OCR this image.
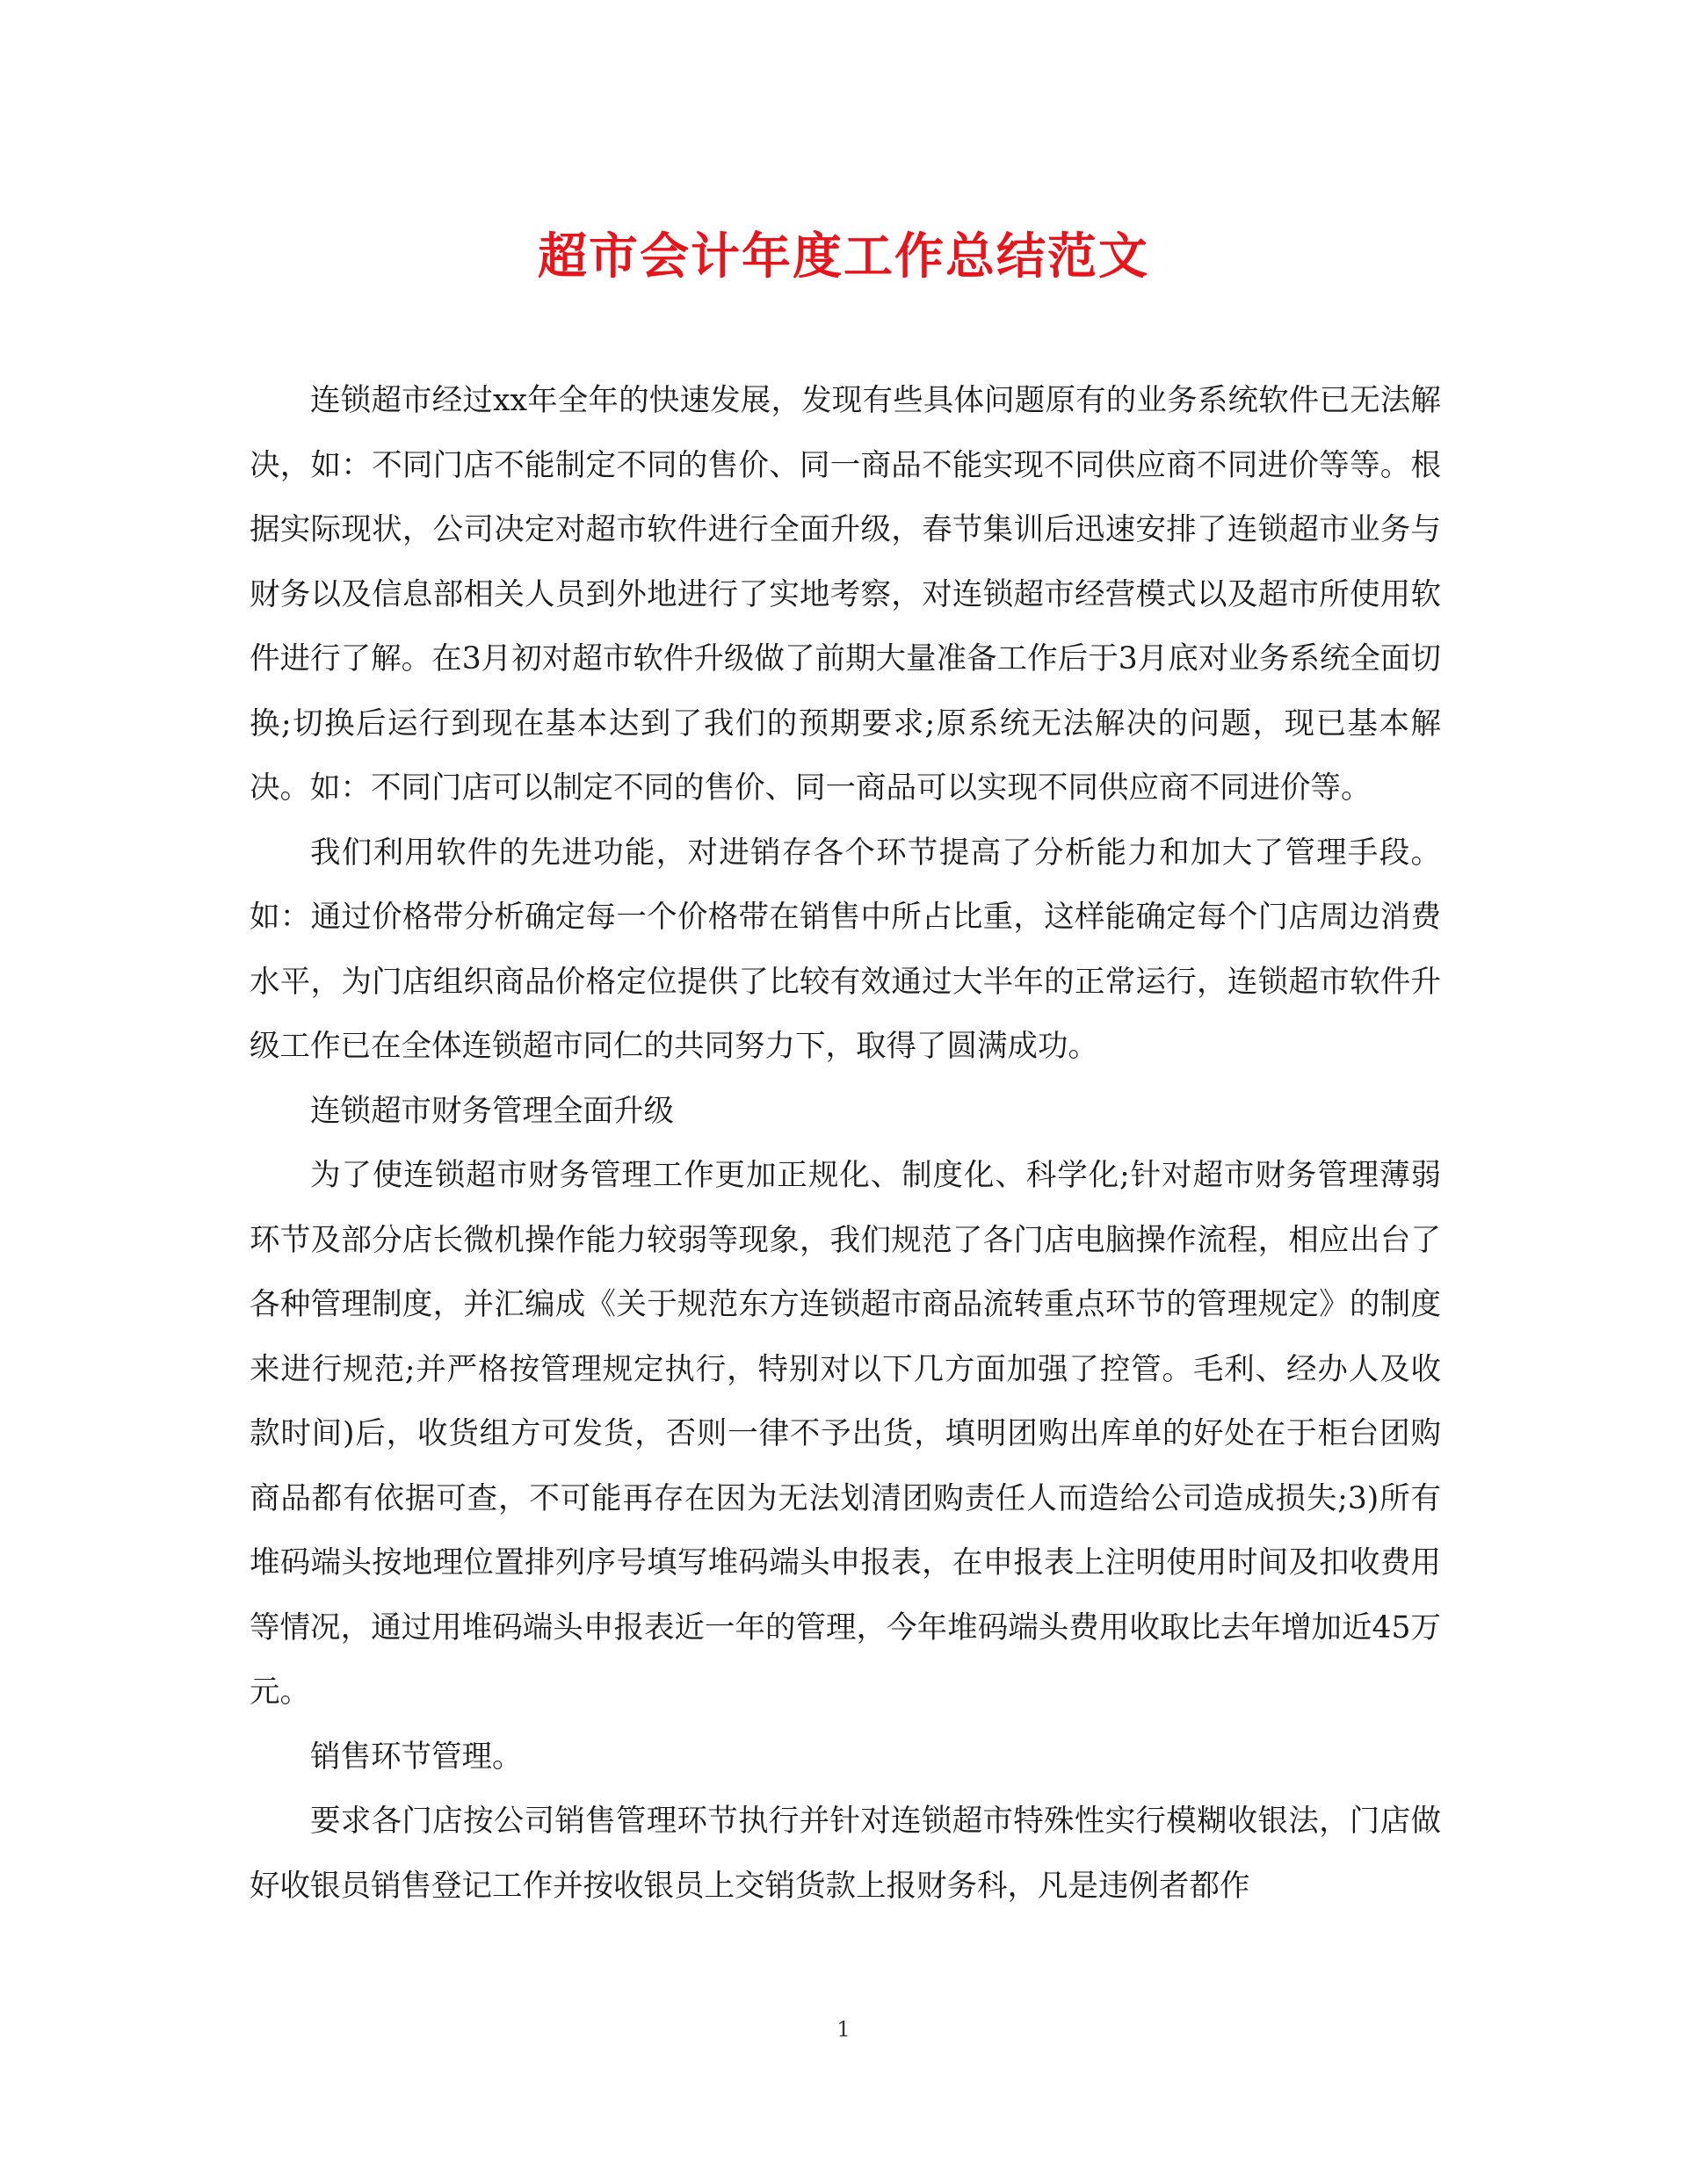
超市会计年度工作总结范文

连锁超市经过xx年全年的快速发展，发现有些具体问题原有的业务系统软件已无法解决，如：不同门店不能制定不同的售价、同一商品不能实现不同供应商不同进价等等。根据实际现状，公司决定对超市软件进行全面升级，春节集训后迅速安排了连锁超市业务与财务以及信息部相关人员到外地进行了实地考察，对连锁超市经营模式以及超市所使用软件进行了解。在3月初对超市软件升级做了前期大量准备工作后于3月底对业务系统全面切换;切换后运行到现在基本达到了我们的预期要求;原系统无法解决的问题，现已基本解决。如：不同门店可以制定不同的售价、同一商品可以实现不同供应商不同进价等。

我们利用软件的先进功能，对进销存各个环节提高了分析能力和加大了管理手段。如：通过价格带分析确定每一个价格带在销售中所占比重，这样能确定每个门店周边消费水平，为门店组织商品价格定位提供了比较有效通过大半年的正常运行，连锁超市软件升级工作已在全体连锁超市同仁的共同努力下，取得了圆满成功。

连锁超市财务管理全面升级

为了使连锁超市财务管理工作更加正规化、制度化、科学化;针对超市财务管理薄弱环节及部分店长微机操作能力较弱等现象，我们规范了各门店电脑操作流程，相应出台了各种管理制度，并汇编成《关于规范东方连锁超市商品流转重点环节的管理规定》的制度来进行规范;并严格按管理规定执行，特别对以下几方面加强了控管。毛利、经办人及收款时间)后，收货组方可发货，否则一律不予出货，填明团购出库单的好处在于柜台团购商品都有依据可查，不可能再存在因为无法划清团购责任人而造给公司造成损失;3)所有堆码端头按地理位置排列序号填写堆码端头申报表，在申报表上注明使用时间及扣收费用等情况，通过用堆码端头申报表近一年的管理，今年堆码端头费用收取比去年增加近45万元。

销售环节管理。

要求各门店按公司销售管理环节执行并针对连锁超市特殊性实行模糊收银法，门店做好收银员销售登记工作并按收银员上交销货款上报财务科，凡是违例者都作

1
